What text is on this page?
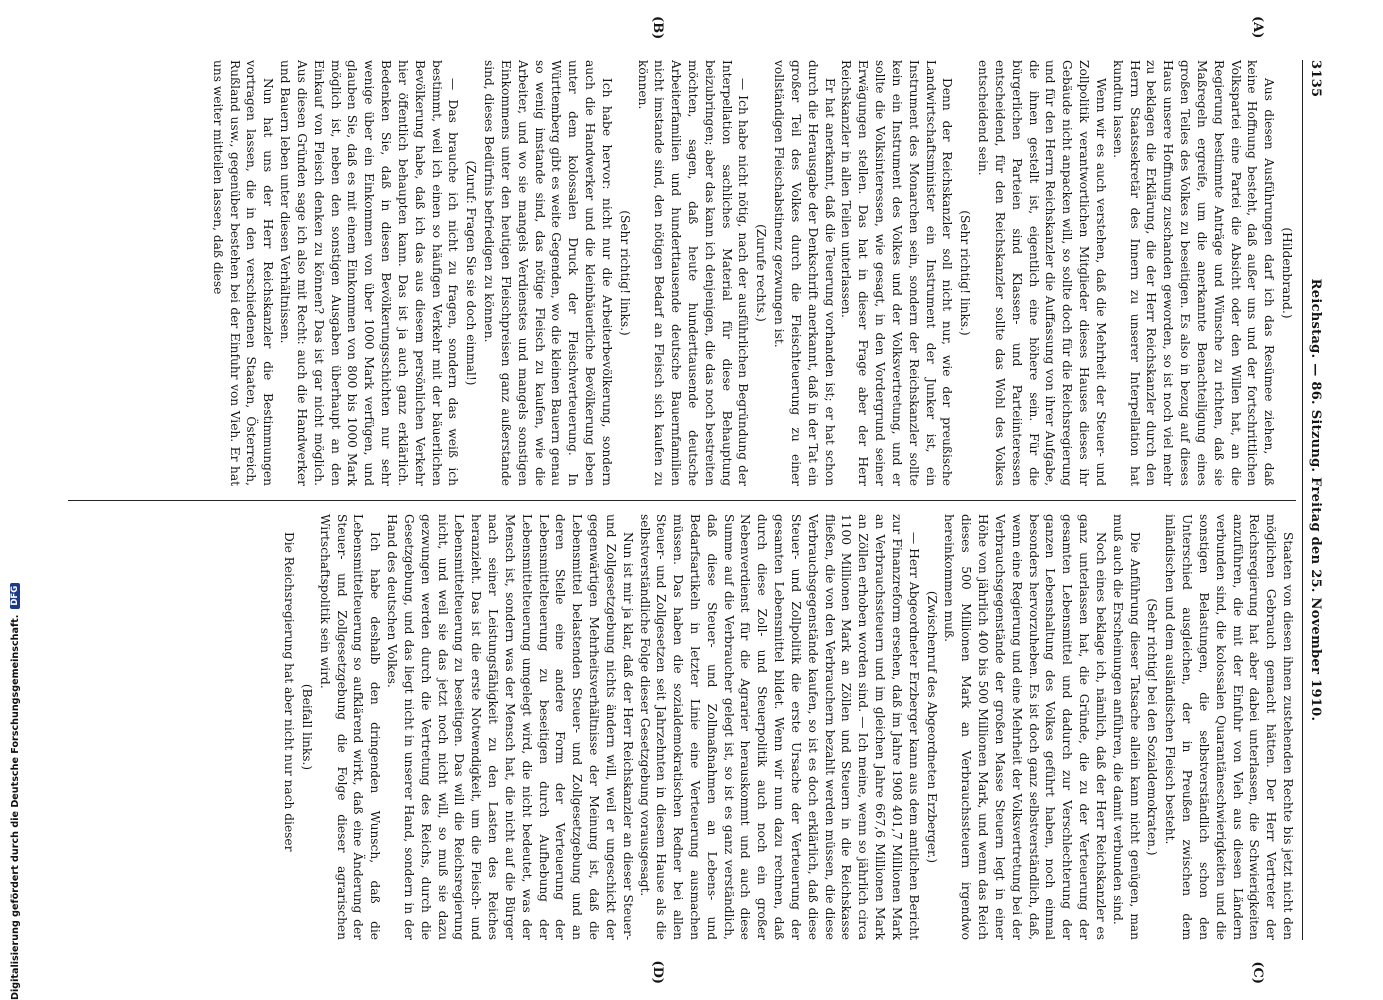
3135
Reichstag. — 86. Sitzung. Freitag den 25. November 1910.
(A)
(B)
(C)
(D)

(Hildenbrand.)

Aus diesen Ausführungen darf ich das Resümee ziehen, daß keine Hoffnung besteht, daß außer uns und der fortschrittlichen Volkspartei eine Partei die Absicht oder den Willen hat, an die Regierung bestimmte Anträge und Wünsche zu richten, daß sie Maßregeln ergreife, um die anerkannte Benachteiligung eines großen Teiles des Volkes zu beseitigen. Es also in bezug auf dieses Haus unsere Hoffnung zuschanden geworden, so ist noch viel mehr zu beklagen die Erklärung, die der Herr Reichskanzler durch den Herrn Staatssekretär des Innern zu unserer Interpellation hat kundtun lassen.

Wenn wir es auch verstehen, daß die Mehrheit der Steuer- und Zollpolitik verantwortlichen Mitglieder dieses Hauses dieses ihr Gebäude nicht anpacken will, so sollte doch für die Reichsregierung und für den Herrn Reichskanzler die Auffassung von ihrer Aufgabe, die ihnen gestellt ist, eigentlich eine höhere sein. Für die bürgerlichen Parteien sind Klassen- und Parteiinteressen entscheidend, für den Reichskanzler sollte das Wohl des Volkes entscheidend sein.

(Sehr richtig! links.)

Denn der Reichskanzler soll nicht nur, wie der preußische Landwirtschaftsminister ein Instrument der Junker ist, ein Instrument des Monarchen sein, sondern der Reichskanzler sollte kein ein Instrument des Volkes und der Volksvertretung, und er sollte die Volksinteressen, wie gesagt, in den Vordergrund seiner Erwägungen stellen. Das hat in dieser Frage aber der Herr Reichskanzler in allen Teilen unterlassen.

Er hat anerkannt, daß die Teuerung vorhanden ist; er hat schon durch die Herausgabe der Denkschrift anerkannt, daß in der Tat ein großer Teil des Volkes durch die Fleischteuerung zu einer vollständigen Fleischabstinenz gezwungen ist.

(Zurufe rechts.)

— Ich habe nicht nötig, nach der ausführlichen Begründung der Interpellation sachliches Material für diese Behauptung beizubringen; aber das kann ich denjenigen, die das noch bestreiten möchten, sagen, daß heute hunderttausende deutsche Arbeiterfamilien und hunderttausende deutsche Bauernfamilien nicht imstande sind, den nötigen Bedarf an Fleisch sich kaufen zu können.

(Sehr richtig! links.)

Ich habe hervor: nicht nur die Arbeiterbevölkerung, sondern auch die Handwerker und die kleinbäuerliche Bevölkerung leben unter dem kolossalen Druck der Fleischverteuerung. In Württemberg gibt es weite Gegenden, wo die kleinen Bauern genau so wenig imstande sind, das nötige Fleisch zu kaufen, wie die Arbeiter, und wo sie mangels Verdienstes und mangels sonstigen Einkommens unter den heutigen Fleischpreisen ganz außerstande sind, dieses Bedürfnis befriedigen zu können.

(Zuruf: Fragen Sie sie doch einmal!)

— Das brauche ich nicht zu fragen, sondern das weiß ich bestimmt, weil ich einen so häufigen Verkehr mit der bäuerlichen Bevölkerung habe, daß ich das aus diesem persönlichen Verkehr hier öffentlich behaupten kann. Das ist ja auch ganz erklärlich. Bedenken Sie, daß in diesen Bevölkerungsschichten nur sehr wenige über ein Einkommen von über 1000 Mark verfügen, und glauben Sie, daß es mit einem Einkommen von 800 bis 1000 Mark möglich ist, neben den sonstigen Ausgaben überhaupt an den Einkauf von Fleisch denken zu können? Das ist gar nicht möglich. Aus diesen Gründen sage ich also mit Recht: auch die Handwerker und Bauern leben unter diesen Verhältnissen.

Nun hat uns der Herr Reichskanzler die Bestimmungen vortragen lassen, die in den verschiedenen Staaten, Österreich, Rußland usw., gegenüber bestehen bei der Einfuhr von Vieh. Er hat uns weiter mitteilen lassen, daß diese

Staaten von diesen ihnen zustehenden Rechte bis jetzt nicht den möglichen Gebrauch gemacht hätten. Der Herr Vertreter der Reichsregierung hat aber dabei unterlassen, die Schwierigkeiten anzuführen, die mit der Einfuhr von Vieh aus diesen Ländern verbunden sind, die kolossalen Quarantäneschwierigkeiten und die sonstigen Belastungen, die selbstverständlich schon den Unterschied ausgleichen, der in Preußen zwischen dem inländischen und dem ausländischen Fleisch besteht.

(Sehr richtig! bei den Sozialdemokraten.)

Die Anführung dieser Tatsache allein kann nicht genügen, man muß auch die Erscheinungen anführen, die damit verbunden sind.

Noch eines beklage ich, nämlich, daß der Herr Reichskanzler es ganz unterlassen hat, die Gründe, die zu der Verteuerung der gesamten Lebensmittel und dadurch zur Verschlechterung der ganzen Lebenshaltung des Volkes geführt haben, noch einmal besonders hervorzuheben. Es ist doch ganz selbstverständlich, daß, wenn eine Regierung und eine Mehrheit der Volksvertretung bei der Verbrauchsgegenstände der großen Masse Steuern legt in einer Höhe von jährlich 400 bis 500 Millionen Mark, und wenn das Reich dieses 500 Millionen Mark an Verbrauchssteuern irgendwo hereinkommen muß.

(Zwischenruf des Abgeordneten Erzberger.)

— Herr Abgeordneter Erzberger kann aus dem amtlichen Bericht zur Finanzreform ersehen, daß im Jahre 1908 401,7 Millionen Mark an Verbrauchssteuern und im gleichen Jahre 667,6 Millionen Mark an Zöllen erhoben worden sind. — Ich meine, wenn so jährlich circa 1100 Millionen Mark an Zöllen und Steuern in die Reichskasse fließen, die von den Verbrauchern bezahlt werden müssen, die diese Verbrauchsgegenstände kaufen, so ist es doch erklärlich, daß diese Steuer- und Zollpolitik die erste Ursache der Verteuerung der gesamten Lebensmittel bildet. Wenn wir nun dazu rechnen, daß durch diese Zoll- und Steuerpolitik auch noch ein großer Nebenverdienst für die Agrarier herauskommt und auch diese Summe auf die Verbraucher gelegt ist, so ist es ganz verständlich, daß diese Steuer- und Zollmaßnahmen an Lebens- und Bedarfsartikeln in letzter Linie eine Verteuerung ausmachen müssen. Das haben die sozialdemokratischen Redner bei allen Steuer- und Zollgesetzen seit Jahrzehnten in diesem Hause als die selbstverständliche Folge dieser Gesetzgebung vorausgesagt.

Nun ist mir ja klar, daß der Herr Reichskanzler an dieser Steuer- und Zollgesetzgebung nichts ändern will, weil er ungeschickt der gegenwärtigen Mehrheitsverhältnisse der Meinung ist, daß die Lebensmittel belastenden Steuer- und Zollgesetzgebung und an deren Stelle eine andere Form der Verteuerung der Lebensmittelteuerung zu beseitigen durch Aufhebung der Lebensmittelteuerung umgelegt wird, die nicht bedeutet, was der Mensch ist, sondern was der Mensch hat, die nicht auf die Bürger nach seiner Leistungsfähigkeit zu den Lasten des Reiches heranzieht. Das ist die erste Notwendigkeit, um die Fleisch- und Lebensmittelteuerung zu beseitigen. Das will die Reichsregierung nicht, und weil sie das jetzt noch nicht will, so muß sie dazu gezwungen werden durch die Vertretung des Reichs, durch die Gesetzgebung, und das liegt nicht in unserer Hand, sondern in der Hand des deutschen Volkes.

Ich habe deshalb den dringenden Wunsch, daß die Lebensmittelteuerung so aufklärend wirkt, daß eine Änderung der Steuer- und Zollgesetzgebung die Folge dieser agrarischen Wirtschaftspolitik sein wird.

(Beifall links.)

Die Reichsregierung hat aber nicht nur nach dieser

Digitalisierung gefördert durch die Deutsche Forschungsgemeinschaft.DFG
